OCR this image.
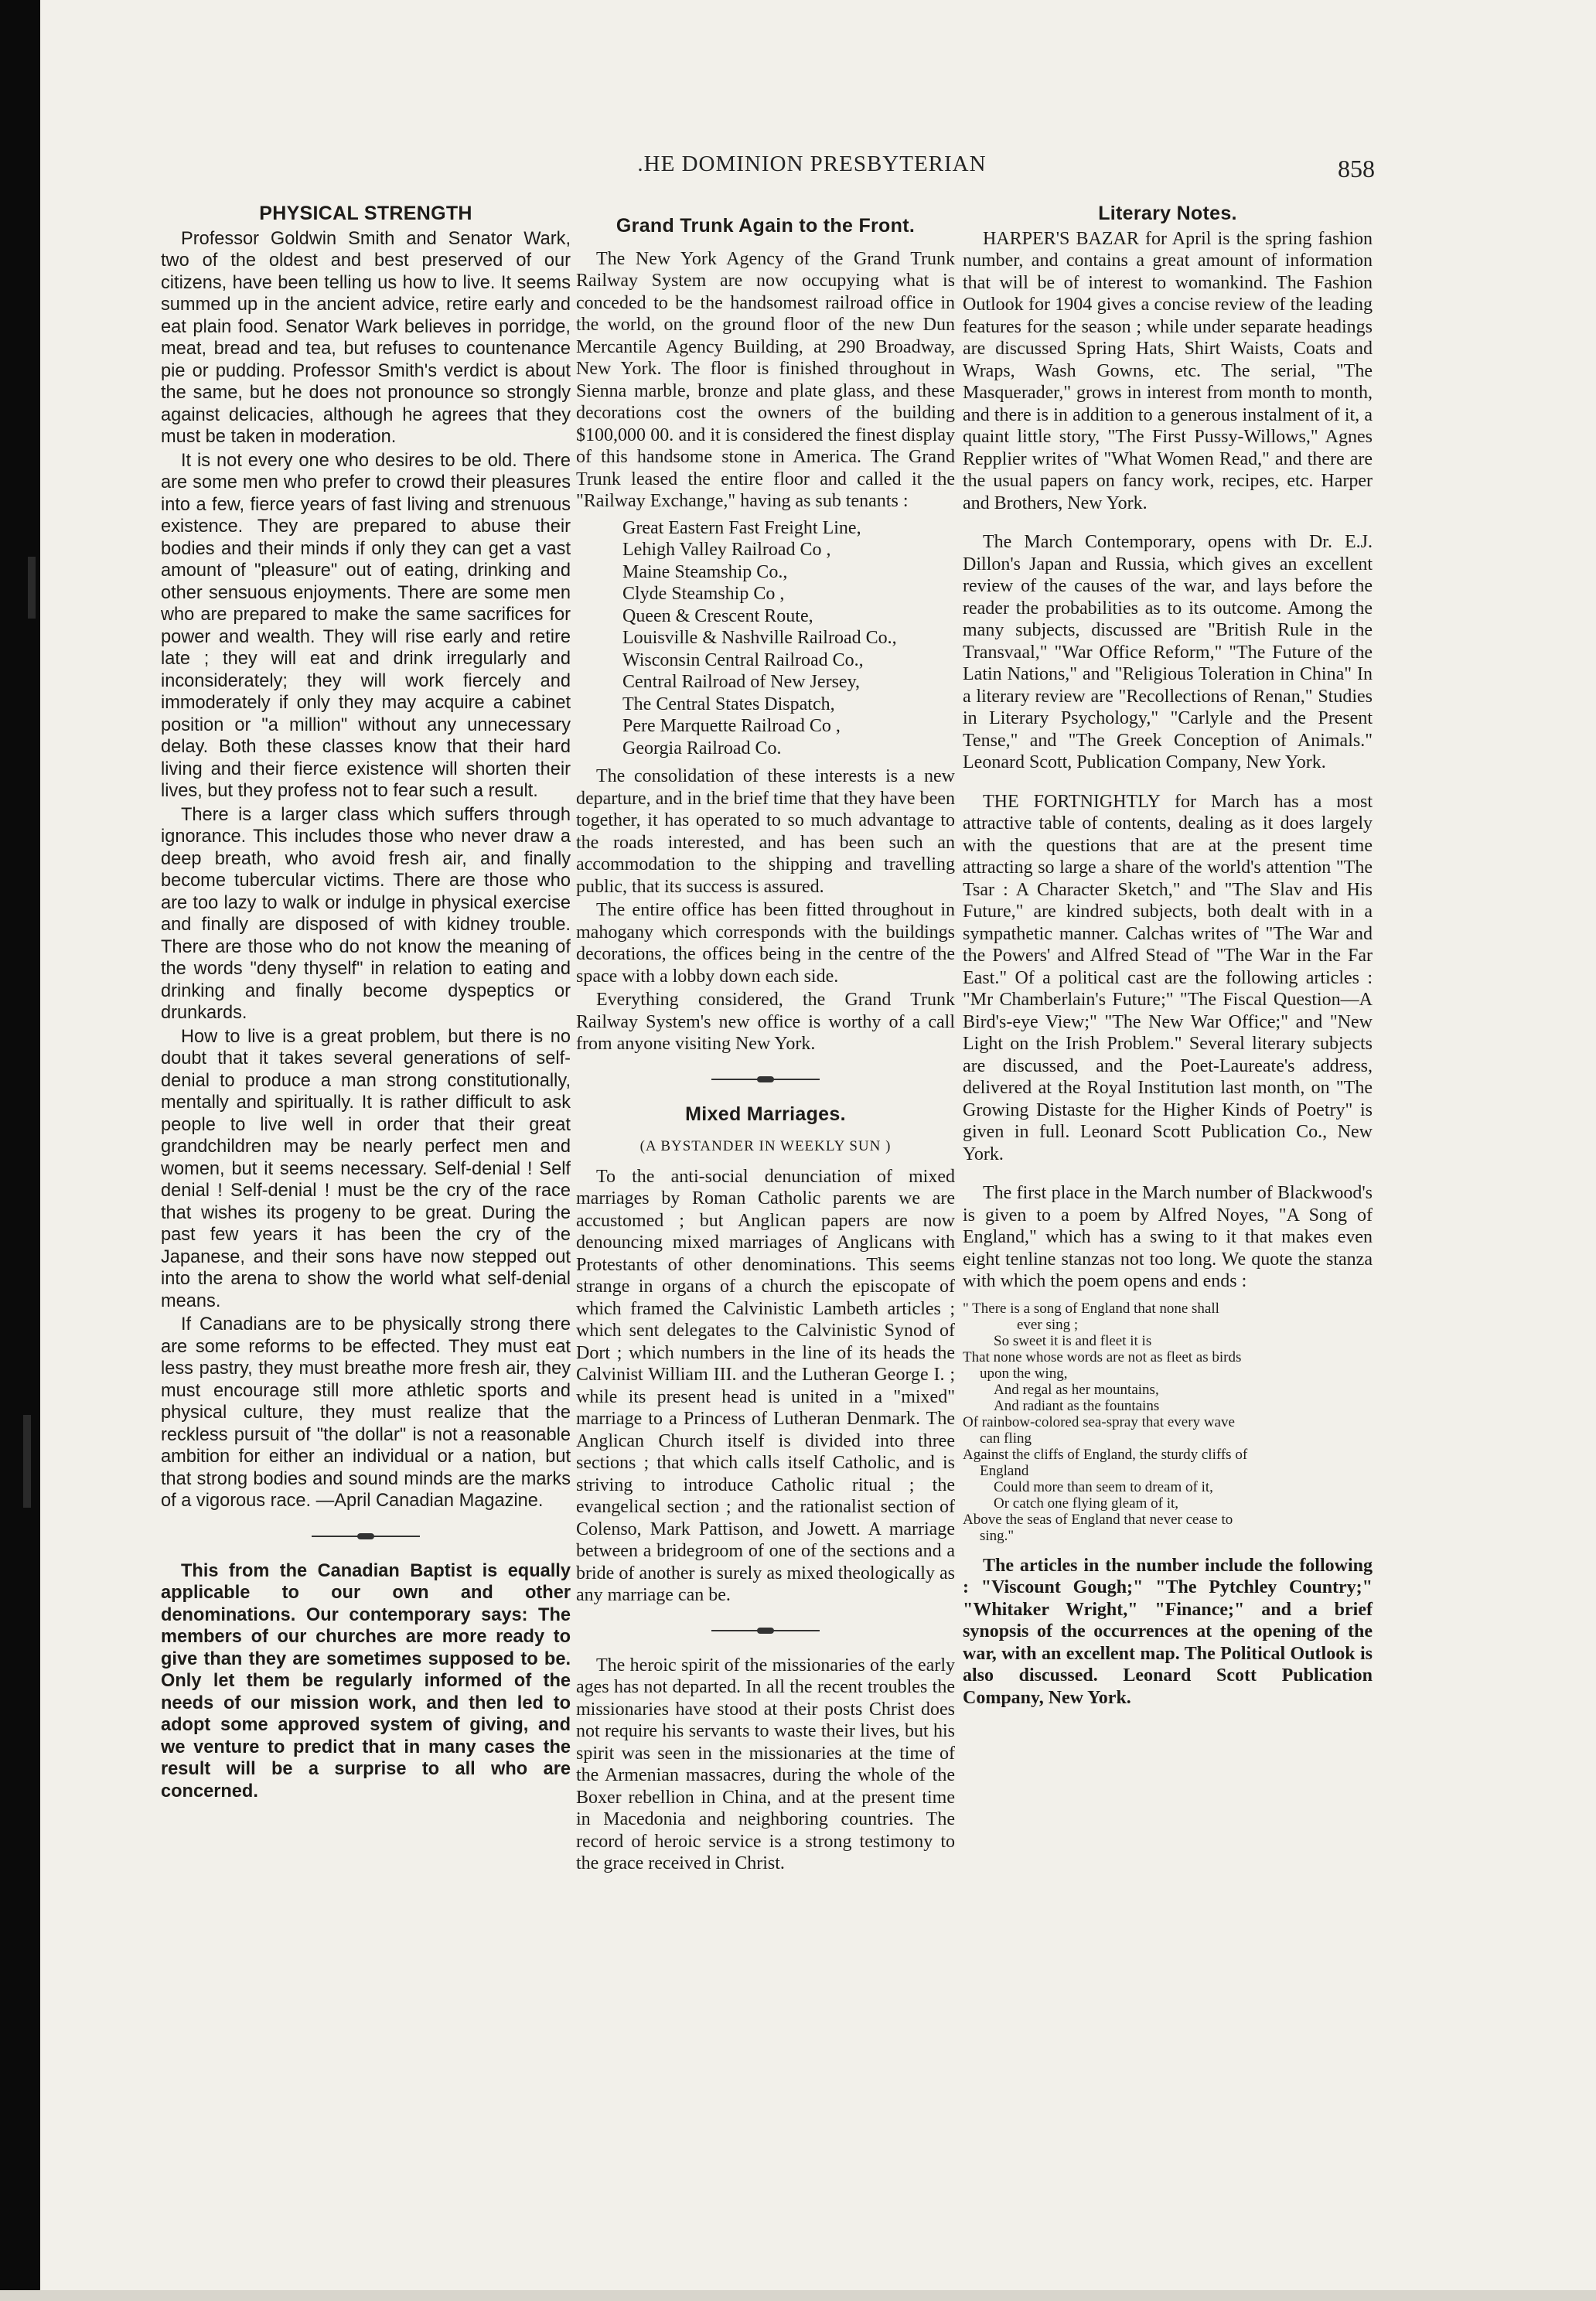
.HE DOMINION PRESBYTERIAN	858
PHYSICAL STRENGTH

Professor Goldwin Smith and Senator Wark, two of the oldest and best preserved of our citizens, have been telling us how to live. It seems summed up in the ancient advice, retire early and eat plain food. Senator Wark believes in porridge, meat, bread and tea, but refuses to countenance pie or pudding. Professor Smith's verdict is about the same, but he does not pronounce so strongly against delicacies, although he agrees that they must be taken in moderation.

It is not every one who desires to be old. There are some men who prefer to crowd their pleasures into a few, fierce years of fast living and strenuous existence. They are prepared to abuse their bodies and their minds if only they can get a vast amount of "pleasure" out of eating, drinking and other sensuous enjoyments. There are some men who are prepared to make the same sacrifices for power and wealth. They will rise early and retire late ; they will eat and drink irregularly and inconsiderately; they will work fiercely and immoderately if only they may acquire a cabinet position or "a million" without any unnecessary delay. Both these classes know that their hard living and their fierce existence will shorten their lives, but they profess not to fear such a result.

There is a larger class which suffers through ignorance. This includes those who never draw a deep breath, who avoid fresh air, and finally become tubercular victims. There are those who are too lazy to walk or indulge in physical exercise and finally are disposed of with kidney trouble. There are those who do not know the meaning of the words "deny thyself" in relation to eating and drinking and finally become dyspeptics or drunkards.

How to live is a great problem, but there is no doubt that it takes several generations of self-denial to produce a man strong constitutionally, mentally and spiritually. It is rather difficult to ask people to live well in order that their great grandchildren may be nearly perfect men and women, but it seems necessary. Self-denial ! Self denial ! Self-denial ! must be the cry of the race that wishes its progeny to be great. During the past few years it has been the cry of the Japanese, and their sons have now stepped out into the arena to show the world what self-denial means.

If Canadians are to be physically strong there are some reforms to be effected. They must eat less pastry, they must breathe more fresh air, they must encourage still more athletic sports and physical culture, they must realize that the reckless pursuit of "the dollar" is not a reasonable ambition for either an individual or a nation, but that strong bodies and sound minds are the marks of a vigorous race. —April Canadian Magazine.

This from the Canadian Baptist is equally applicable to our own and other denominations. Our contemporary says: The members of our churches are more ready to give than they are sometimes supposed to be. Only let them be regularly informed of the needs of our mission work, and then led to adopt some approved system of giving, and we venture to predict that in many cases the result will be a surprise to all who are concerned.

Grand Trunk Again to the Front.

The New York Agency of the Grand Trunk Railway System are now occupying what is conceded to be the handsomest railroad office in the world, on the ground floor of the new Dun Mercantile Agency Building, at 290 Broadway, New York. The floor is finished throughout in Sienna marble, bronze and plate glass, and these decorations cost the owners of the building $100,000 00. and it is considered the finest display of this handsome stone in America. The Grand Trunk leased the entire floor and called it the "Railway Exchange," having as sub tenants :

Great Eastern Fast Freight Line,
Lehigh Valley Railroad Co ,
Maine Steamship Co.,
Clyde Steamship Co ,
Queen & Crescent Route,
Louisville & Nashville Railroad Co.,
Wisconsin Central Railroad Co.,
Central Railroad of New Jersey,
The Central States Dispatch,
Pere Marquette Railroad Co ,
Georgia Railroad Co.

The consolidation of these interests is a new departure, and in the brief time that they have been together, it has operated to so much advantage to the roads interested, and has been such an accommodation to the shipping and travelling public, that its success is assured.

The entire office has been fitted throughout in mahogany which corresponds with the buildings decorations, the offices being in the centre of the space with a lobby down each side.

Everything considered, the Grand Trunk Railway System's new office is worthy of a call from anyone visiting New York.

Mixed Marriages.
(A BYSTANDER IN WEEKLY SUN )

To the anti-social denunciation of mixed marriages by Roman Catholic parents we are accustomed ; but Anglican papers are now denouncing mixed marriages of Anglicans with Protestants of other denominations. This seems strange in organs of a church the episcopate of which framed the Calvinistic Lambeth articles ; which sent delegates to the Calvinistic Synod of Dort ; which numbers in the line of its heads the Calvinist William III. and the Lutheran George I. ; while its present head is united in a "mixed" marriage to a Princess of Lutheran Denmark. The Anglican Church itself is divided into three sections ; that which calls itself Catholic, and is striving to introduce Catholic ritual ; the evangelical section ; and the rationalist section of Colenso, Mark Pattison, and Jowett. A marriage between a bridegroom of one of the sections and a bride of another is surely as mixed theologically as any marriage can be.

The heroic spirit of the missionaries of the early ages has not departed. In all the recent troubles the missionaries have stood at their posts Christ does not require his servants to waste their lives, but his spirit was seen in the missionaries at the time of the Armenian massacres, during the whole of the Boxer rebellion in China, and at the present time in Macedonia and neighboring countries. The record of heroic service is a strong testimony to the grace received in Christ.

Literary Notes.

HARPER'S BAZAR for April is the spring fashion number, and contains a great amount of information that will be of interest to womankind. The Fashion Outlook for 1904 gives a concise review of the leading features for the season ; while under separate headings are discussed Spring Hats, Shirt Waists, Coats and Wraps, Wash Gowns, etc. The serial, "The Masquerader," grows in interest from month to month, and there is in addition to a generous instalment of it, a quaint little story, "The First Pussy-Willows," Agnes Repplier writes of "What Women Read," and there are the usual papers on fancy work, recipes, etc. Harper and Brothers, New York.

The March Contemporary, opens with Dr. E.J. Dillon's Japan and Russia, which gives an excellent review of the causes of the war, and lays before the reader the probabilities as to its outcome. Among the many subjects, discussed are "British Rule in the Transvaal," "War Office Reform," "The Future of the Latin Nations," and "Religious Toleration in China" In a literary review are "Recollections of Renan," Studies in Literary Psychology," "Carlyle and the Present Tense," and "The Greek Conception of Animals." Leonard Scott, Publication Company, New York.

THE FORTNIGHTLY for March has a most attractive table of contents, dealing as it does largely with the questions that are at the present time attracting so large a share of the world's attention "The Tsar : A Character Sketch," and "The Slav and His Future," are kindred subjects, both dealt with in a sympathetic manner. Calchas writes of "The War and the Powers' and Alfred Stead of "The War in the Far East." Of a political cast are the following articles : "Mr Chamberlain's Future;" "The Fiscal Question—A Bird's-eye View;" "The New War Office;" and "New Light on the Irish Problem." Several literary subjects are discussed, and the Poet-Laureate's address, delivered at the Royal Institution last month, on "The Growing Distaste for the Higher Kinds of Poetry" is given in full. Leonard Scott Publication Co., New York.

The first place in the March number of Blackwood's is given to a poem by Alfred Noyes, "A Song of England," which has a swing to it that makes even eight tenline stanzas not too long. We quote the stanza with which the poem opens and ends :

" There is a song of England that none shall
ever sing ;
So sweet it is and fleet it is
That none whose words are not as fleet as birds
upon the wing,
And regal as her mountains,
And radiant as the fountains
Of rainbow-colored sea-spray that every wave
can fling
Against the cliffs of England, the sturdy cliffs of
England
Could more than seem to dream of it,
Or catch one flying gleam of it,
Above the seas of England that never cease to
sing."

The articles in the number include the following : "Viscount Gough;" "The Pytchley Country;" "Whitaker Wright," "Finance;" and a brief synopsis of the occurrences at the opening of the war, with an excellent map. The Political Outlook is also discussed. Leonard Scott Publication Company, New York.
